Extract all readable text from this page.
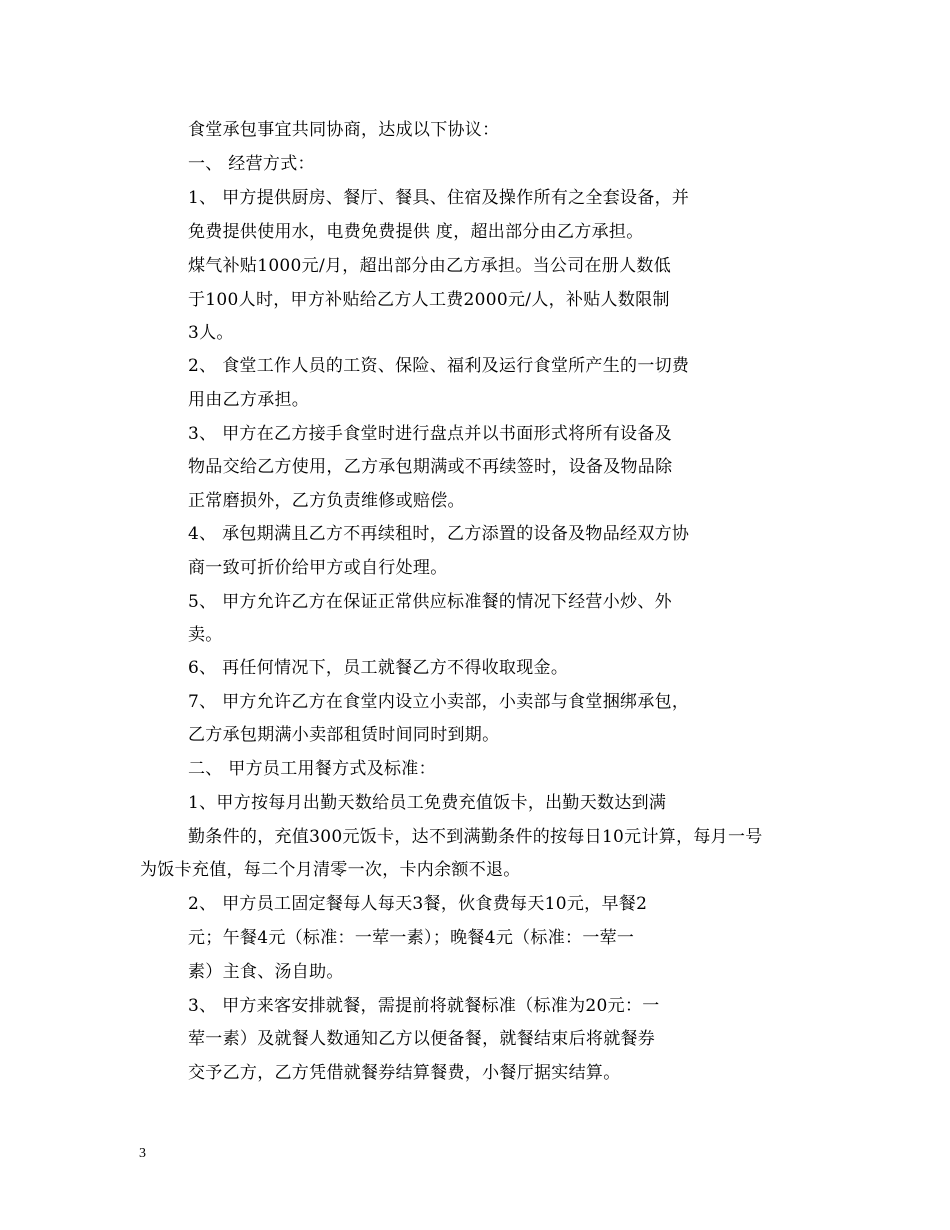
食堂承包事宜共同协商，达成以下协议：
一、 经营方式：
1、 甲方提供厨房、餐厅、餐具、住宿及操作所有之全套设备，并
免费提供使用水，电费免费提供 度，超出部分由乙方承担。
煤气补贴1000元/月，超出部分由乙方承担。当公司在册人数低
于100人时，甲方补贴给乙方人工费2000元/人，补贴人数限制
3人。
2、 食堂工作人员的工资、保险、福利及运行食堂所产生的一切费
用由乙方承担。
3、 甲方在乙方接手食堂时进行盘点并以书面形式将所有设备及
物品交给乙方使用，乙方承包期满或不再续签时，设备及物品除
正常磨损外，乙方负责维修或赔偿。
4、 承包期满且乙方不再续租时，乙方添置的设备及物品经双方协
商一致可折价给甲方或自行处理。
5、 甲方允许乙方在保证正常供应标准餐的情况下经营小炒、外
卖。
6、 再任何情况下，员工就餐乙方不得收取现金。
7、 甲方允许乙方在食堂内设立小卖部，小卖部与食堂捆绑承包，
乙方承包期满小卖部租赁时间同时到期。
二、 甲方员工用餐方式及标准：
1、甲方按每月出勤天数给员工免费充值饭卡，出勤天数达到满
勤条件的，充值300元饭卡，达不到满勤条件的按每日10元计算，每月一号
为饭卡充值，每二个月清零一次，卡内余额不退。
2、 甲方员工固定餐每人每天3餐，伙食费每天10元，早餐2
元；午餐4元（标准：一荤一素）；晚餐4元（标准：一荤一
素）主食、汤自助。
3、 甲方来客安排就餐，需提前将就餐标准（标准为20元：一
荤一素）及就餐人数通知乙方以便备餐，就餐结束后将就餐券
交予乙方，乙方凭借就餐券结算餐费，小餐厅据实结算。
3
